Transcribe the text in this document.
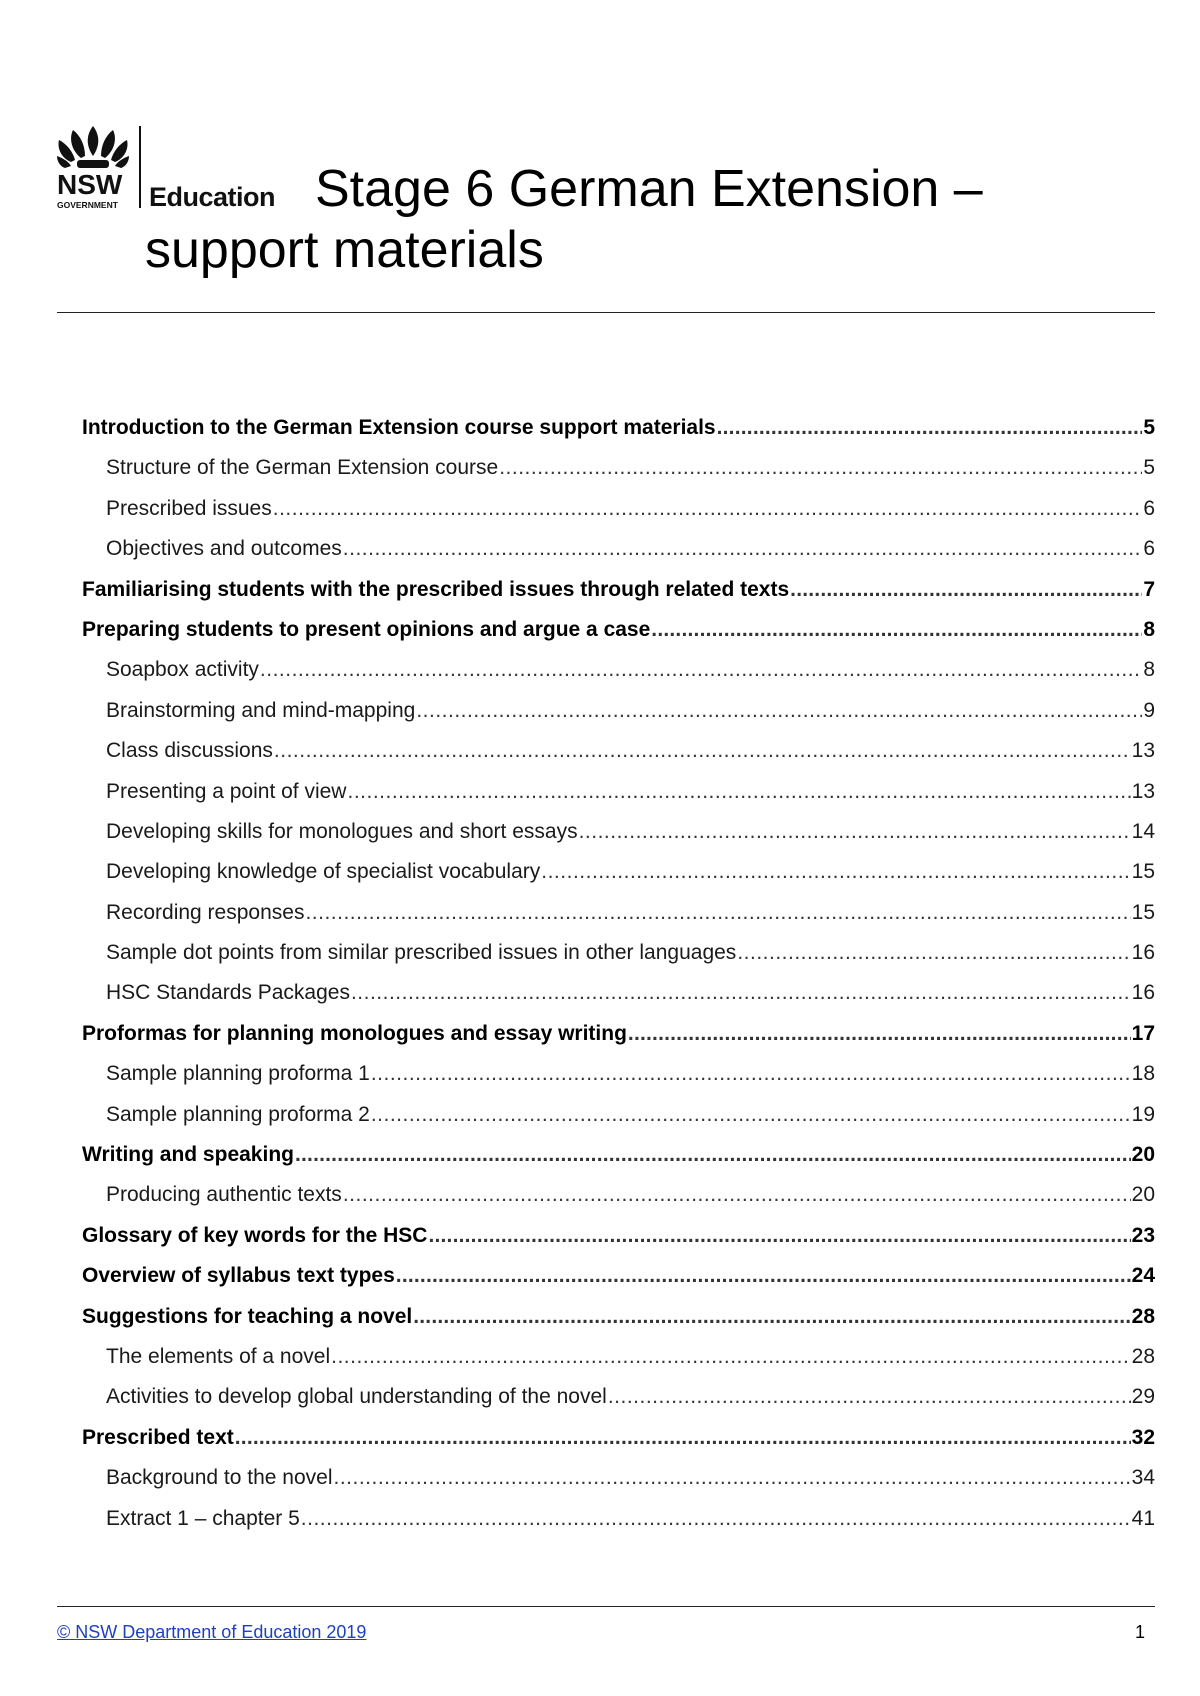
NSW
GOVERNMENT Education Stage 6 German Extension –
support materials
Introduction to the German Extension course support materials .....	5
Structure of the German Extension course .....	5
Prescribed issues .....	6
Objectives and outcomes .....	6
Familiarising students with the prescribed issues through related texts .....	7
Preparing students to present opinions and argue a case .....	8
Soapbox activity .....	8
Brainstorming and mind-mapping .....	9
Class discussions .....	13
Presenting a point of view .....	13
Developing skills for monologues and short essays .....	14
Developing knowledge of specialist vocabulary .....	15
Recording responses .....	15
Sample dot points from similar prescribed issues in other languages .....	16
HSC Standards Packages .....	16
Proformas for planning monologues and essay writing .....	17
Sample planning proforma 1 .....	18
Sample planning proforma 2 .....	19
Writing and speaking .....	20
Producing authentic texts .....	20
Glossary of key words for the HSC .....	23
Overview of syllabus text types .....	24
Suggestions for teaching a novel .....	28
The elements of a novel .....	28
Activities to develop global understanding of the novel .....	29
Prescribed text .....	32
Background to the novel .....	34
Extract 1 – chapter 5 .....	41
© NSW Department of Education 2019	1
